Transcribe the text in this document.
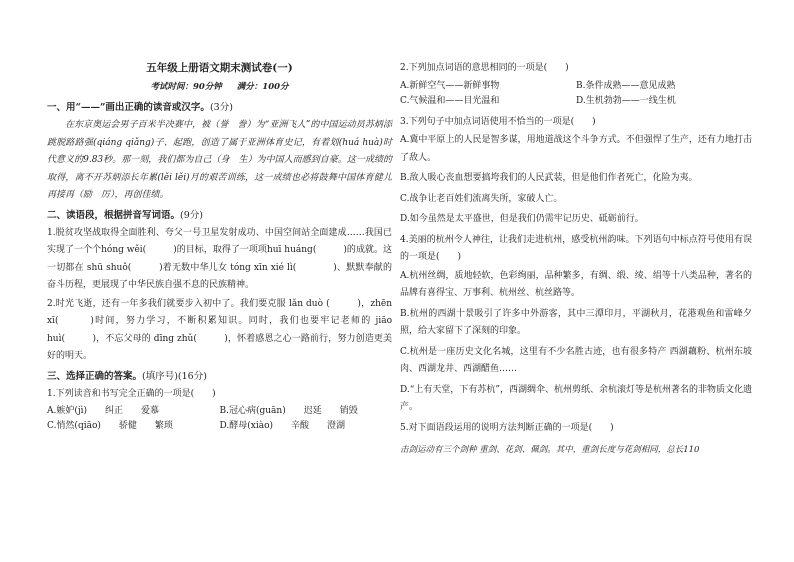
五年级上册语文期末测试卷(一)

考试时间：90分钟 满分：100分

一、用“——”画出正确的读音或汉字。(3分)

在东京奥运会男子百米半决赛中，被（誉　誊）为“亚洲飞人”的中国运动员苏炳添跳脱路路强(qiáng qiǎng)子、起跑，创造了属于亚洲体育史记，有着划(huá huà)时代意义的9.83秒。那一刻，我们都为自己（身　生）为中国人而感到自豪。这一成绩的取得，离不开苏炳添长年累(lěi lěi)月的艰苦训练，这一成绩也必将鼓舞中国体育健儿再接再（励　厉），再创佳绩。

二、读语段，根据拼音写词语。(9分)

1.脱贫攻坚战取得全面胜利、夸父一号卫星发射成功、中国空间站全面建成……我国已实现了一个个hóng wěi(　　　)的目标，取得了一项项huī huáng(　　　)的成就。这一切都在 shū shuǒ(　　　)着无数中华儿女 tóng xīn xié lì(　　　　)、默默奉献的奋斗历程，更展现了中华民族自强不息的民族精神。

2.时光飞逝，还有一年多我们就要步入初中了。我们要克服 lǎn duò (　　　)，zhēn xī(　　　)时间，努力学习，不断积累知识。同时，我们也要牢记老师的 jiāo huì(　　　)，不忘父母的 dīng zhǔ(　　　)，怀着感恩之心一路前行，努力创造更美好的明天。

三、选择正确的答案。(填序号)(16分)

1.下列读音和书写完全正确的一项是(　　)

A.嫉妒(jì)　　纠正　　爱慕	B.冠心病(guān)　　迟延　　销毁
C.悄然(qiāo)　　骄健　　繁琐	D.酵母(xiào)　　辛酸　　澄湖

2.下列加点词语的意思相同的一项是(　　)

A.新鲜空气——新鲜事物	B.条件成熟——意见成熟
C.气候温和——目光温和	D.生机勃勃——一线生机

3.下列句子中加点词语使用不恰当的一项是(　　)

A.冀中平原上的人民是智多谋，用地道战这个斗争方式。不但强悍了生产，还有力地打击了敌人。

B.敌人吸心丧血想要搞垮我们的人民武装，但是他们作者死亡，化险为夷。

C.战争让老百姓们流离失所，家破人亡。

D.如今虽然是太平盛世，但是我们仍需牢记历史、砥砺前行。

4.美丽的杭州令人神往，让我们走进杭州，感受杭州韵味。下列语句中标点符号使用有误的一项是(　　)

A.杭州丝绸，质地轻软，色彩绚丽，品种繁多，有绸、缎、绫、绢等十八类品种，著名的品牌有喜得宝、万事利、杭州丝、杭丝路等。

B.杭州的西湖十景吸引了许多中外游客，其中三潭印月，平湖秋月，花港观鱼和雷峰夕照，给大家留下了深刻的印象。

C.杭州是一座历史文化名城，这里有不少名胜古迹，也有很多特产 西湖藕粉、杭州东坡肉、西湖龙井、西湖醋鱼……

D.“上有天堂，下有苏杭”，西湖绸伞、杭州剪纸、余杭滚灯等是杭州著名的非物质文化遗产。

5.对下面语段运用的说明方法判断正确的一项是(　　)

击剑运动有三个剑种 重剑、花剑、佩剑。其中，重剑长度与花剑相同，总长110
